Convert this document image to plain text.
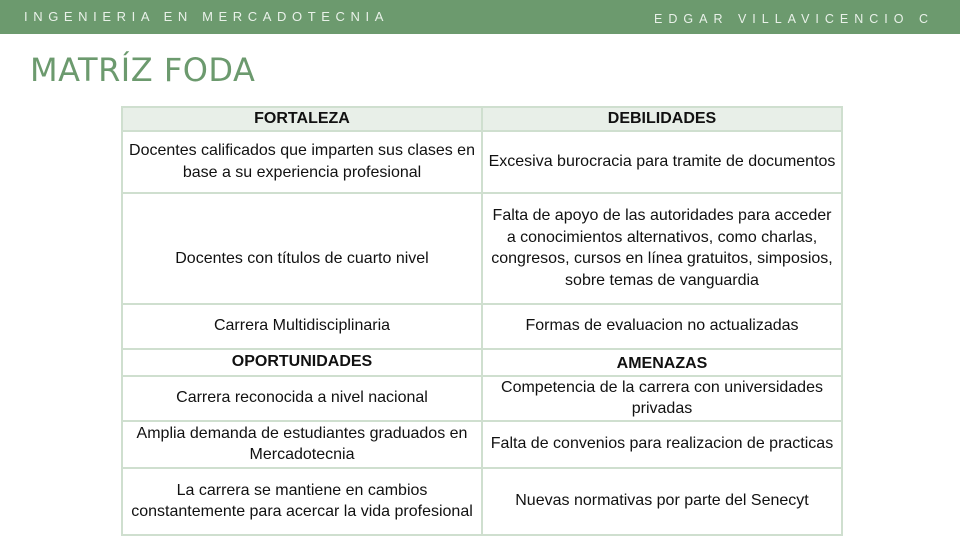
INGENIERIA EN MERCADOTECNIA	EDGAR VILLAVICENCIO C
MATRÍZ FODA
FORTALEZA	DEBILIDADES
Docentes calificados que imparten sus clases en base a su experiencia profesional	Excesiva burocracia para tramite de documentos
Docentes con títulos de cuarto nivel	Falta de apoyo de las autoridades para acceder a conocimientos alternativos, como charlas, congresos, cursos en línea gratuitos, simposios, sobre temas de vanguardia
Carrera Multidisciplinaria	Formas de evaluacion no actualizadas
OPORTUNIDADES	AMENAZAS
Carrera reconocida a nivel nacional	Competencia de la carrera con universidades privadas
Amplia demanda de estudiantes graduados en Mercadotecnia	Falta de convenios para realizacion de practicas
La carrera se mantiene en cambios constantemente para acercar la vida profesional	Nuevas normativas por parte del Senecyt
